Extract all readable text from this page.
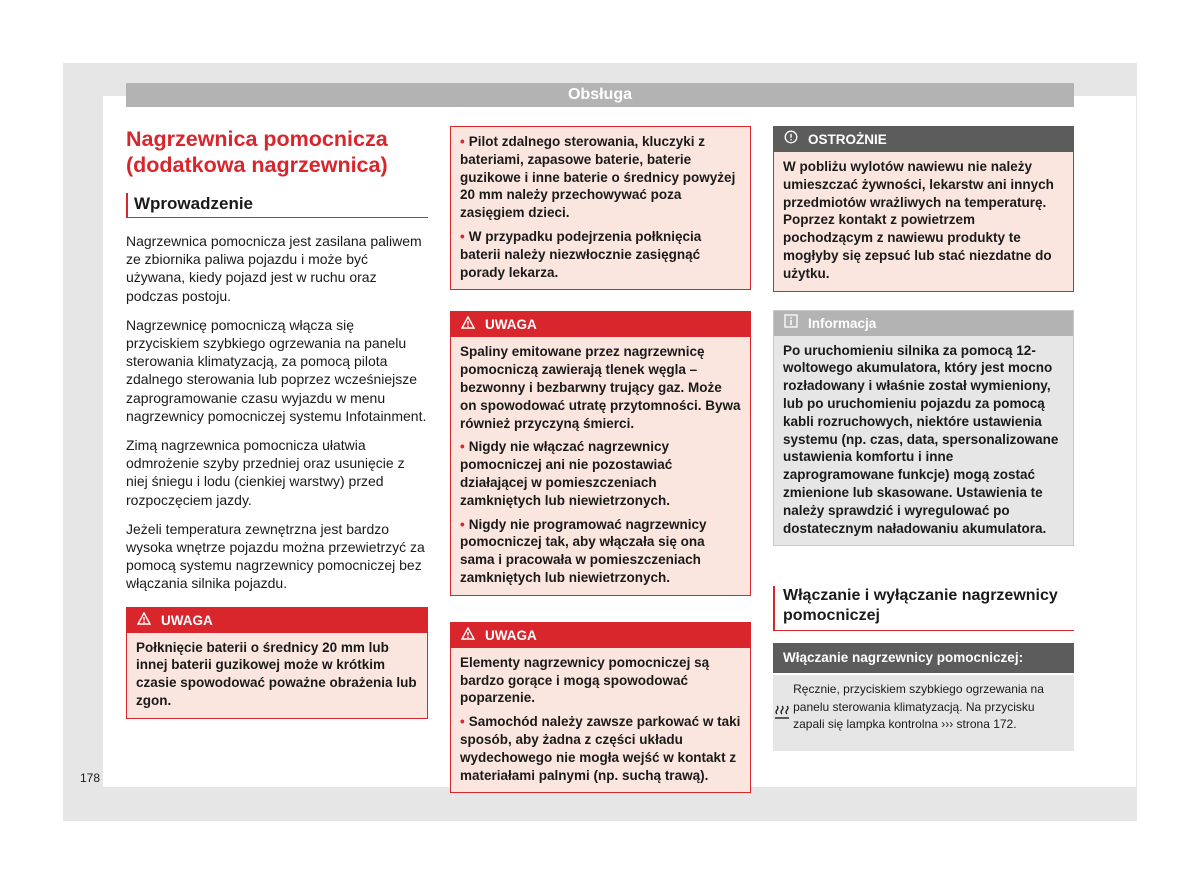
Obsługa
Nagrzewnica pomocnicza (dodatkowa nagrzewnica)
Wprowadzenie

Nagrzewnica pomocnicza jest zasilana paliwem ze zbiornika paliwa pojazdu i może być używana, kiedy pojazd jest w ruchu oraz podczas postoju.

Nagrzewnicę pomocniczą włącza się przyciskiem szybkiego ogrzewania na panelu sterowania klimatyzacją, za pomocą pilota zdalnego sterowania lub poprzez wcześniejsze zaprogramowanie czasu wyjazdu w menu nagrzewnicy pomocniczej systemu Infotainment.

Zimą nagrzewnica pomocnicza ułatwia odmrożenie szyby przedniej oraz usunięcie z niej śniegu i lodu (cienkiej warstwy) przed rozpoczęciem jazdy.

Jeżeli temperatura zewnętrzna jest bardzo wysoka wnętrze pojazdu można przewietrzyć za pomocą systemu nagrzewnicy pomocniczej bez włączania silnika pojazdu.

UWAGA

Połknięcie baterii o średnicy 20 mm lub innej baterii guzikowej może w krótkim czasie spowodować poważne obrażenia lub zgon.

• Pilot zdalnego sterowania, kluczyki z bateriami, zapasowe baterie, baterie guzikowe i inne baterie o średnicy powyżej 20 mm należy przechowywać poza zasięgiem dzieci.

• W przypadku podejrzenia połknięcia baterii należy niezwłocznie zasięgnąć porady lekarza.

UWAGA

Spaliny emitowane przez nagrzewnicę pomocniczą zawierają tlenek węgla – bezwonny i bezbarwny trujący gaz. Może on spowodować utratę przytomności. Bywa również przyczyną śmierci.

• Nigdy nie włączać nagrzewnicy pomocniczej ani nie pozostawiać działającej w pomieszczeniach zamkniętych lub niewietrzonych.

• Nigdy nie programować nagrzewnicy pomocniczej tak, aby włączała się ona sama i pracowała w pomieszczeniach zamkniętych lub niewietrzonych.

UWAGA

Elementy nagrzewnicy pomocniczej są bardzo gorące i mogą spowodować poparzenie.

• Samochód należy zawsze parkować w taki sposób, aby żadna z części układu wydechowego nie mogła wejść w kontakt z materiałami palnymi (np. suchą trawą).

OSTROŻNIE

W pobliżu wylotów nawiewu nie należy umieszczać żywności, lekarstw ani innych przedmiotów wrażliwych na temperaturę. Poprzez kontakt z powietrzem pochodzącym z nawiewu produkty te mogłyby się zepsuć lub stać niezdatne do użytku.

Informacja

Po uruchomieniu silnika za pomocą 12-woltowego akumulatora, który jest mocno rozładowany i właśnie został wymieniony, lub po uruchomieniu pojazdu za pomocą kabli rozruchowych, niektóre ustawienia systemu (np. czas, data, spersonalizowane ustawienia komfortu i inne zaprogramowane funkcje) mogą zostać zmienione lub skasowane. Ustawienia te należy sprawdzić i wyregulować po dostatecznym naładowaniu akumulatora.

Włączanie i wyłączanie nagrzewnicy pomocniczej
Włączanie nagrzewnicy pomocniczej:
Ręcznie, przyciskiem szybkiego ogrzewania na panelu sterowania klimatyzacją. Na przycisku zapali się lampka kontrolna ››› strona 172.
178
